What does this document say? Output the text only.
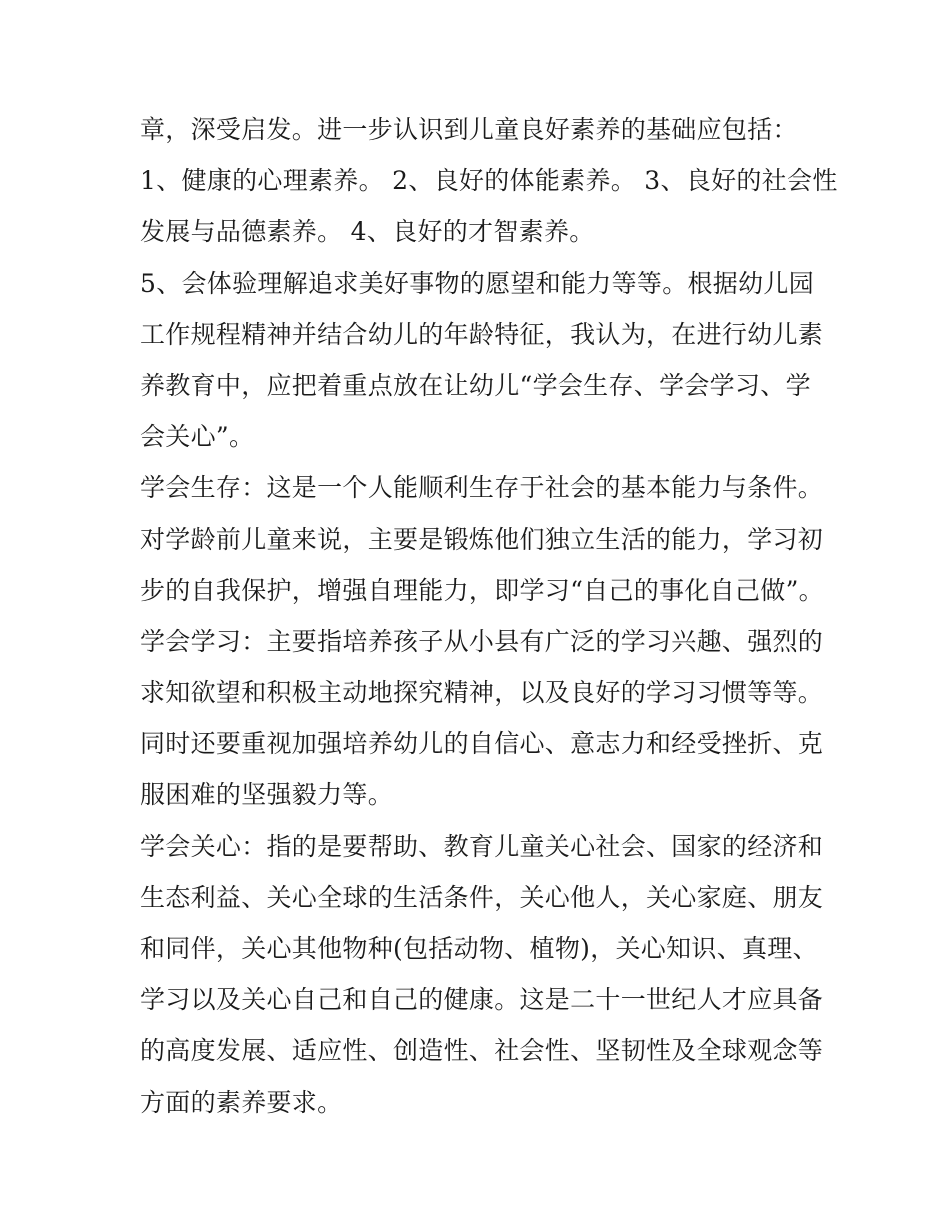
章，深受启发。进一步认识到儿童良好素养的基础应包括：
1、健康的心理素养。 2、良好的体能素养。 3、良好的社会性
发展与品德素养。 4、良好的才智素养。
5、会体验理解追求美好事物的愿望和能力等等。根据幼儿园
工作规程精神并结合幼儿的年龄特征，我认为，在进行幼儿素
养教育中，应把着重点放在让幼儿“学会生存、学会学习、学
会关心”。
学会生存：这是一个人能顺利生存于社会的基本能力与条件。
对学龄前儿童来说，主要是锻炼他们独立生活的能力，学习初
步的自我保护，增强自理能力，即学习“自己的事化自己做”。
学会学习：主要指培养孩子从小县有广泛的学习兴趣、强烈的
求知欲望和积极主动地探究精神，以及良好的学习习惯等等。
同时还要重视加强培养幼儿的自信心、意志力和经受挫折、克
服困难的坚强毅力等。
学会关心：指的是要帮助、教育儿童关心社会、国家的经济和
生态利益、关心全球的生活条件，关心他人，关心家庭、朋友
和同伴，关心其他物种(包括动物、植物)，关心知识、真理、
学习以及关心自己和自己的健康。这是二十一世纪人才应具备
的高度发展、适应性、创造性、社会性、坚韧性及全球观念等
方面的素养要求。
